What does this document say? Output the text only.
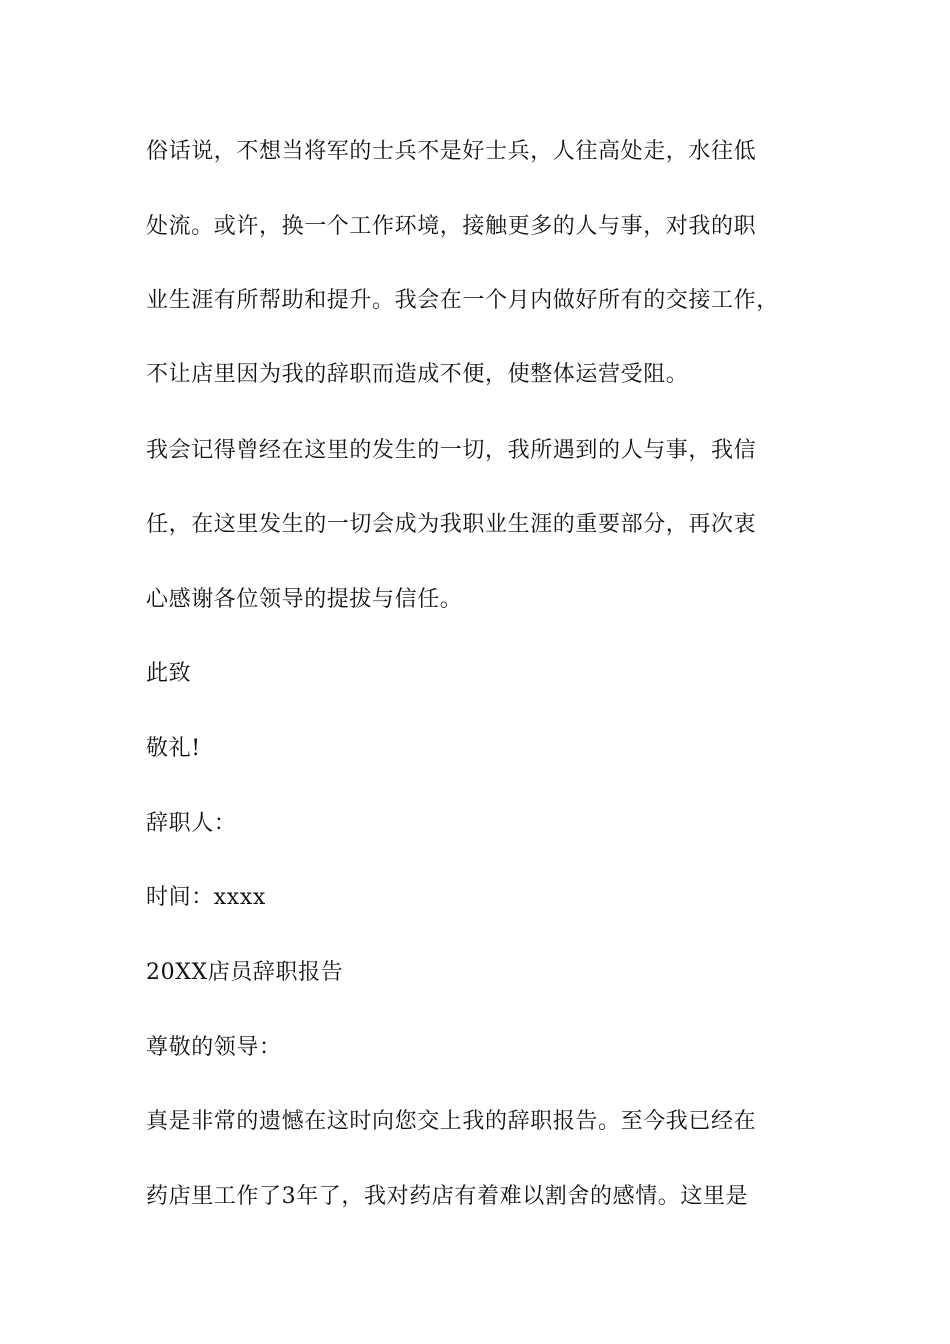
俗话说，不想当将军的士兵不是好士兵，人往高处走，水往低
处流。或许，换一个工作环境，接触更多的人与事，对我的职
业生涯有所帮助和提升。我会在一个月内做好所有的交接工作，
不让店里因为我的辞职而造成不便，使整体运营受阻。
我会记得曾经在这里的发生的一切，我所遇到的人与事，我信
任，在这里发生的一切会成为我职业生涯的重要部分，再次衷
心感谢各位领导的提拔与信任。
此致
敬礼!
辞职人：
时间：xxxx
20XX店员辞职报告
尊敬的领导：
真是非常的遗憾在这时向您交上我的辞职报告。至今我已经在
药店里工作了3年了，我对药店有着难以割舍的感情。这里是
